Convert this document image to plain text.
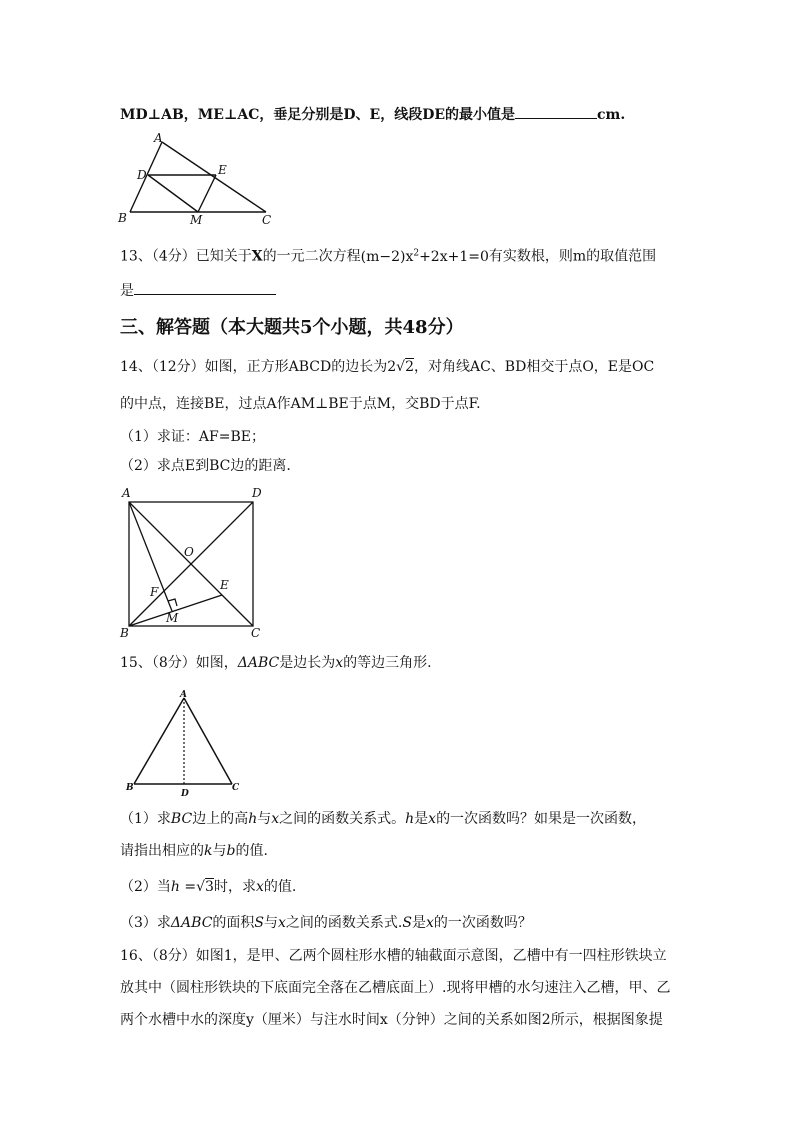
MD⊥AB，ME⊥AC，垂足分别是D、E，线段DE的最小值是	cm.
A
D	E
B	M	C
13、（4分）已知关于X的一元二次方程$(m-2)x^2+2x+1=0$有实数根，则m的取值范围
是
三、解答题（本大题共5个小题，共48分）
14、（12分）如图，正方形ABCD的边长为2√2，对角线AC、BD相交于点O，E是OC
的中点，连接BE，过点A作AM⊥BE于点M，交BD于点F.
（1）求证：AF=BE；
（2）求点E到BC边的距离.
A	D
O
F	E
M
B	C
15、（8分）如图，ΔABC是边长为x的等边三角形.
A
B
D
C
（1）求BC边上的高h与x之间的函数关系式。h是x的一次函数吗？如果是一次函数，
请指出相应的k与b的值.
（2）当h =√3时，求x的值.
（3）求ΔABC的面积S与x之间的函数关系式.S是x的一次函数吗？
16、（8分）如图1，是甲、乙两个圆柱形水槽的轴截面示意图，乙槽中有一四柱形铁块立
放其中（圆柱形铁块的下底面完全落在乙槽底面上）.现将甲槽的水匀速注入乙槽，甲、乙
两个水槽中水的深度y（厘米）与注水时间x（分钟）之间的关系如图2所示，根据图象提
